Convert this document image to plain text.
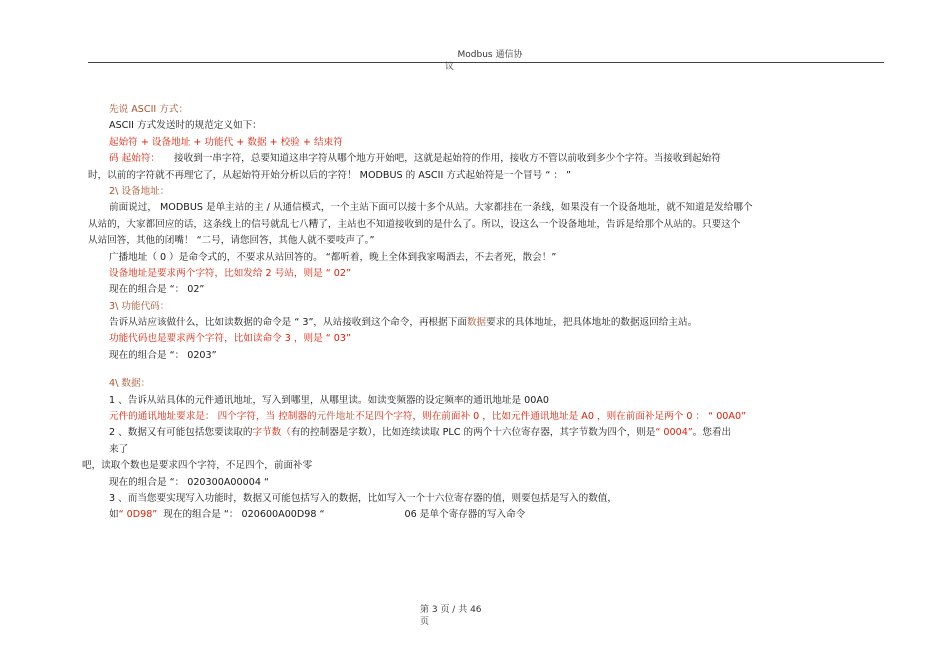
Modbus 通信协
议
先说 ASCII 方式：
ASCII 方式发送时的规范定义如下：
起始符 + 设备地址 + 功能代 + 数据 + 校验 + 结束符
码 起始符： 接收到一串字符，总要知道这串字符从哪个地方开始吧，这就是起始符的作用，接收方不管以前收到多少个字符。当接收到起始符
时，以前的字符就不再理它了，从起始符开始分析以后的字符！ MODBUS 的 ASCII 方式起始符是一个冒号 “ ： ”
2\ 设备地址：
前面说过， MODBUS 是单主站的主 / 从通信模式，一个主站下面可以接十多个从站。大家都挂在一条线，如果没有一个设备地址，就不知道是发给哪个
从站的，大家都回应的话，这条线上的信号就乱七八糟了，主站也不知道接收到的是什么了。所以，设这么一个设备地址，告诉是给那个从站的。只要这个
从站回答，其他的闭嘴！ “二号，请您回答，其他人就不要吱声了。”
广播地址（ 0 ）是命令式的，不要求从站回答的。 “都听着，晚上全体到我家喝酒去，不去者死，散会！”
设备地址是要求两个字符，比如发给 2 号站，则是 “ 02”
现在的组合是 “： 02”
3\ 功能代码：
告诉从站应该做什么，比如读数据的命令是 “ 3”，从站接收到这个命令，再根据下面数据要求的具体地址，把具体地址的数据返回给主站。
功能代码也是要求两个字符，比如读命令 3 ，则是 “ 03”
现在的组合是 “： 0203”
4\ 数据：
1 、告诉从站具体的元件通讯地址，写入到哪里，从哪里读。如读变频器的设定频率的通讯地址是 00A0
元件的通讯地址要求是： 四个字符，当 控制器的元件地址不足四个字符，则在前面补 0 ，比如元件通讯地址是 A0 ，则在前面补足两个 0 ： “ 00A0”
2 、数据又有可能包括您要读取的字节数（有的控制器是字数），比如连续读取 PLC 的两个十六位寄存器，其字节数为四个，则是“ 0004”。您看出
来了
吧，读取个数也是要求四个字符，不足四个，前面补零
现在的组合是 “： 020300A00004 “
3 、而当您要实现写入功能时，数据又可能包括写入的数据，比如写入一个十六位寄存器的值，则要包括是写入的数值，
如“ 0D98” 现在的组合是 “： 020600A00D98 “	06 是单个寄存器的写入命令
第 3 页 / 共 46
页
